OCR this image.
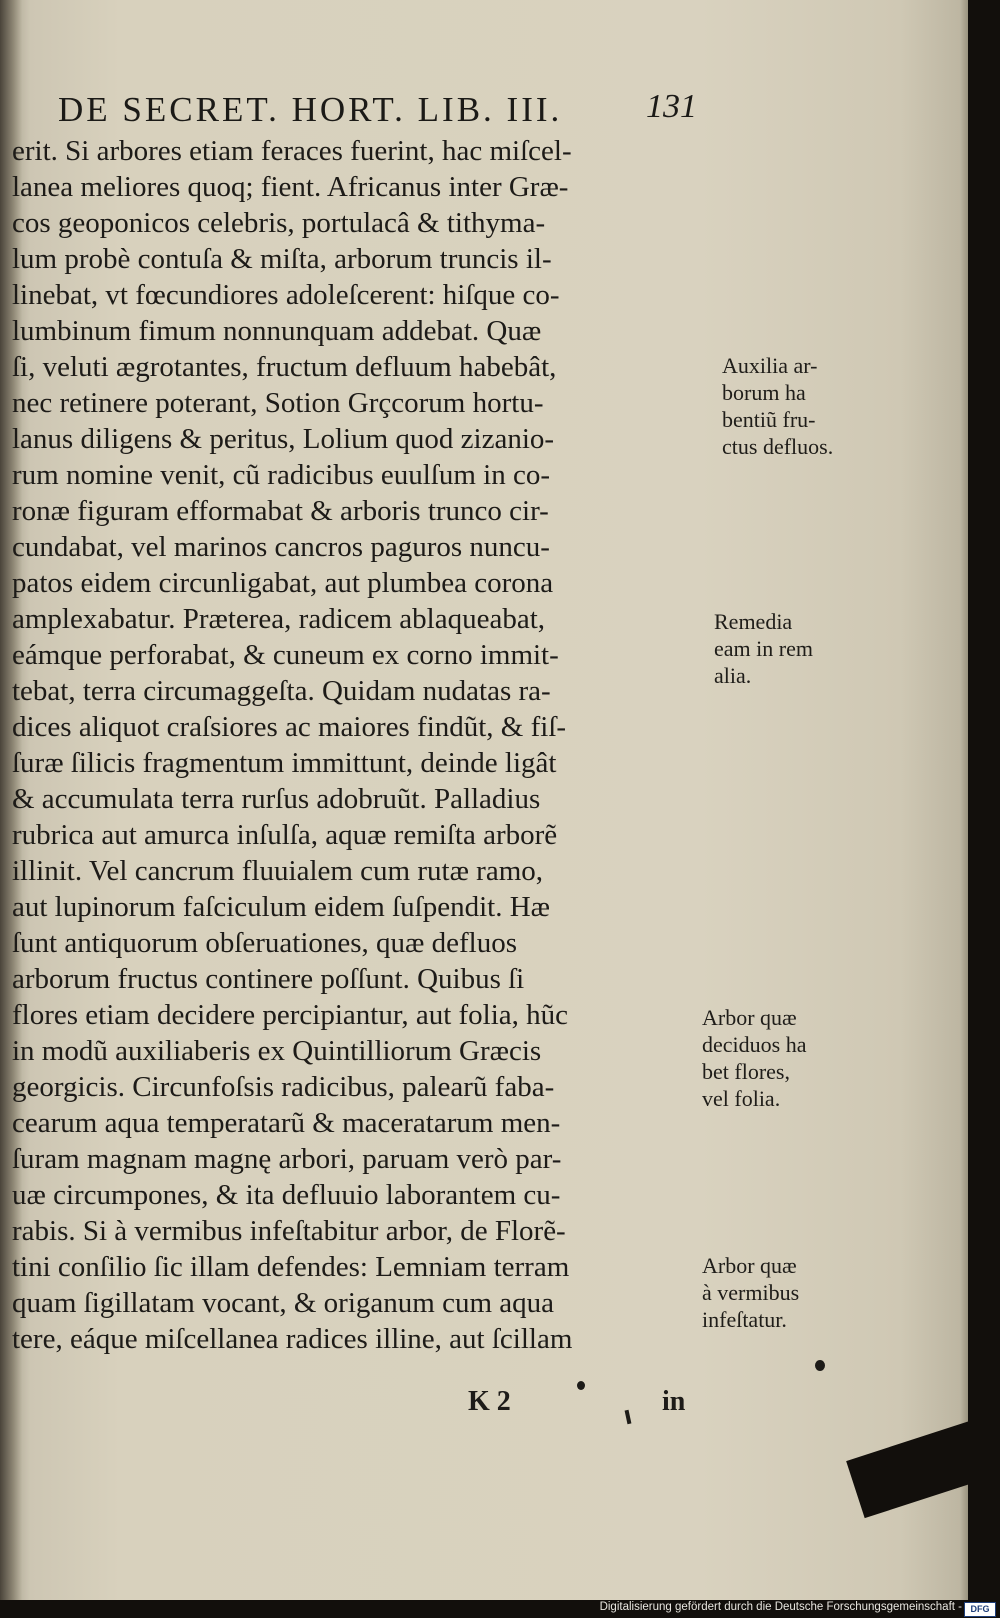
DE SECRET. HORT. LIB. III. 131
erit. Si arbores etiam feraces fuerint, hac miſcel-
lanea meliores quoq; fient. Africanus inter Græ-
cos geoponicos celebris, portulacâ & tithyma-
lum probè contuſa & miſta, arborum truncis il-
linebat, vt fœcundiores adoleſcerent: hiſque co-
lumbinum fimum nonnunquam addebat. Quæ
ſi, veluti ægrotantes, fructum defluum habebât,
nec retinere poterant, Sotion Grçcorum hortu-
lanus diligens & peritus, Lolium quod zizanio-
rum nomine venit, cũ radicibus euulſum in co-
ronæ figuram efformabat & arboris trunco cir-
cundabat, vel marinos cancros paguros nuncu-
patos eidem circunligabat, aut plumbea corona
amplexabatur. Præterea, radicem ablaqueabat,
eámque perforabat, & cuneum ex corno immit-
tebat, terra circumaggeſta. Quidam nudatas ra-
dices aliquot craſsiores ac maiores findũt, & fiſ-
ſuræ ſilicis fragmentum immittunt, deinde ligât
& accumulata terra rurſus adobruũt. Palladius
rubrica aut amurca inſulſa, aquæ remiſta arborẽ
illinit. Vel cancrum fluuialem cum rutæ ramo,
aut lupinorum faſciculum eidem ſuſpendit. Hæ
ſunt antiquorum obſeruationes, quæ defluos
arborum fructus continere poſſunt. Quibus ſi
flores etiam decidere percipiantur, aut folia, hũc
in modũ auxiliaberis ex Quintilliorum Græcis
georgicis. Circunfoſsis radicibus, palearũ faba-
cearum aqua temperatarũ & maceratarum men-
ſuram magnam magnę arbori, paruam verò par-
uæ circumpones, & ita defluuio laborantem cu-
rabis. Si à vermibus infeſtabitur arbor, de Florẽ-
tini conſilio ſic illam defendes: Lemniam terram
quam ſigillatam vocant, & origanum cum aqua
tere, eáque miſcellanea radices illine, aut ſcillam
Auxilia ar-
borum ha
bentiũ fru-
ctus defluos.
Remedia
eam in rem
alia.
Arbor quæ
deciduos ha
bet flores,
vel folia.
Arbor quæ
à vermibus
infeſtatur.
K 2	in
Digitalisierung gefördert durch die Deutsche Forschungsgemeinschaft - DFG
